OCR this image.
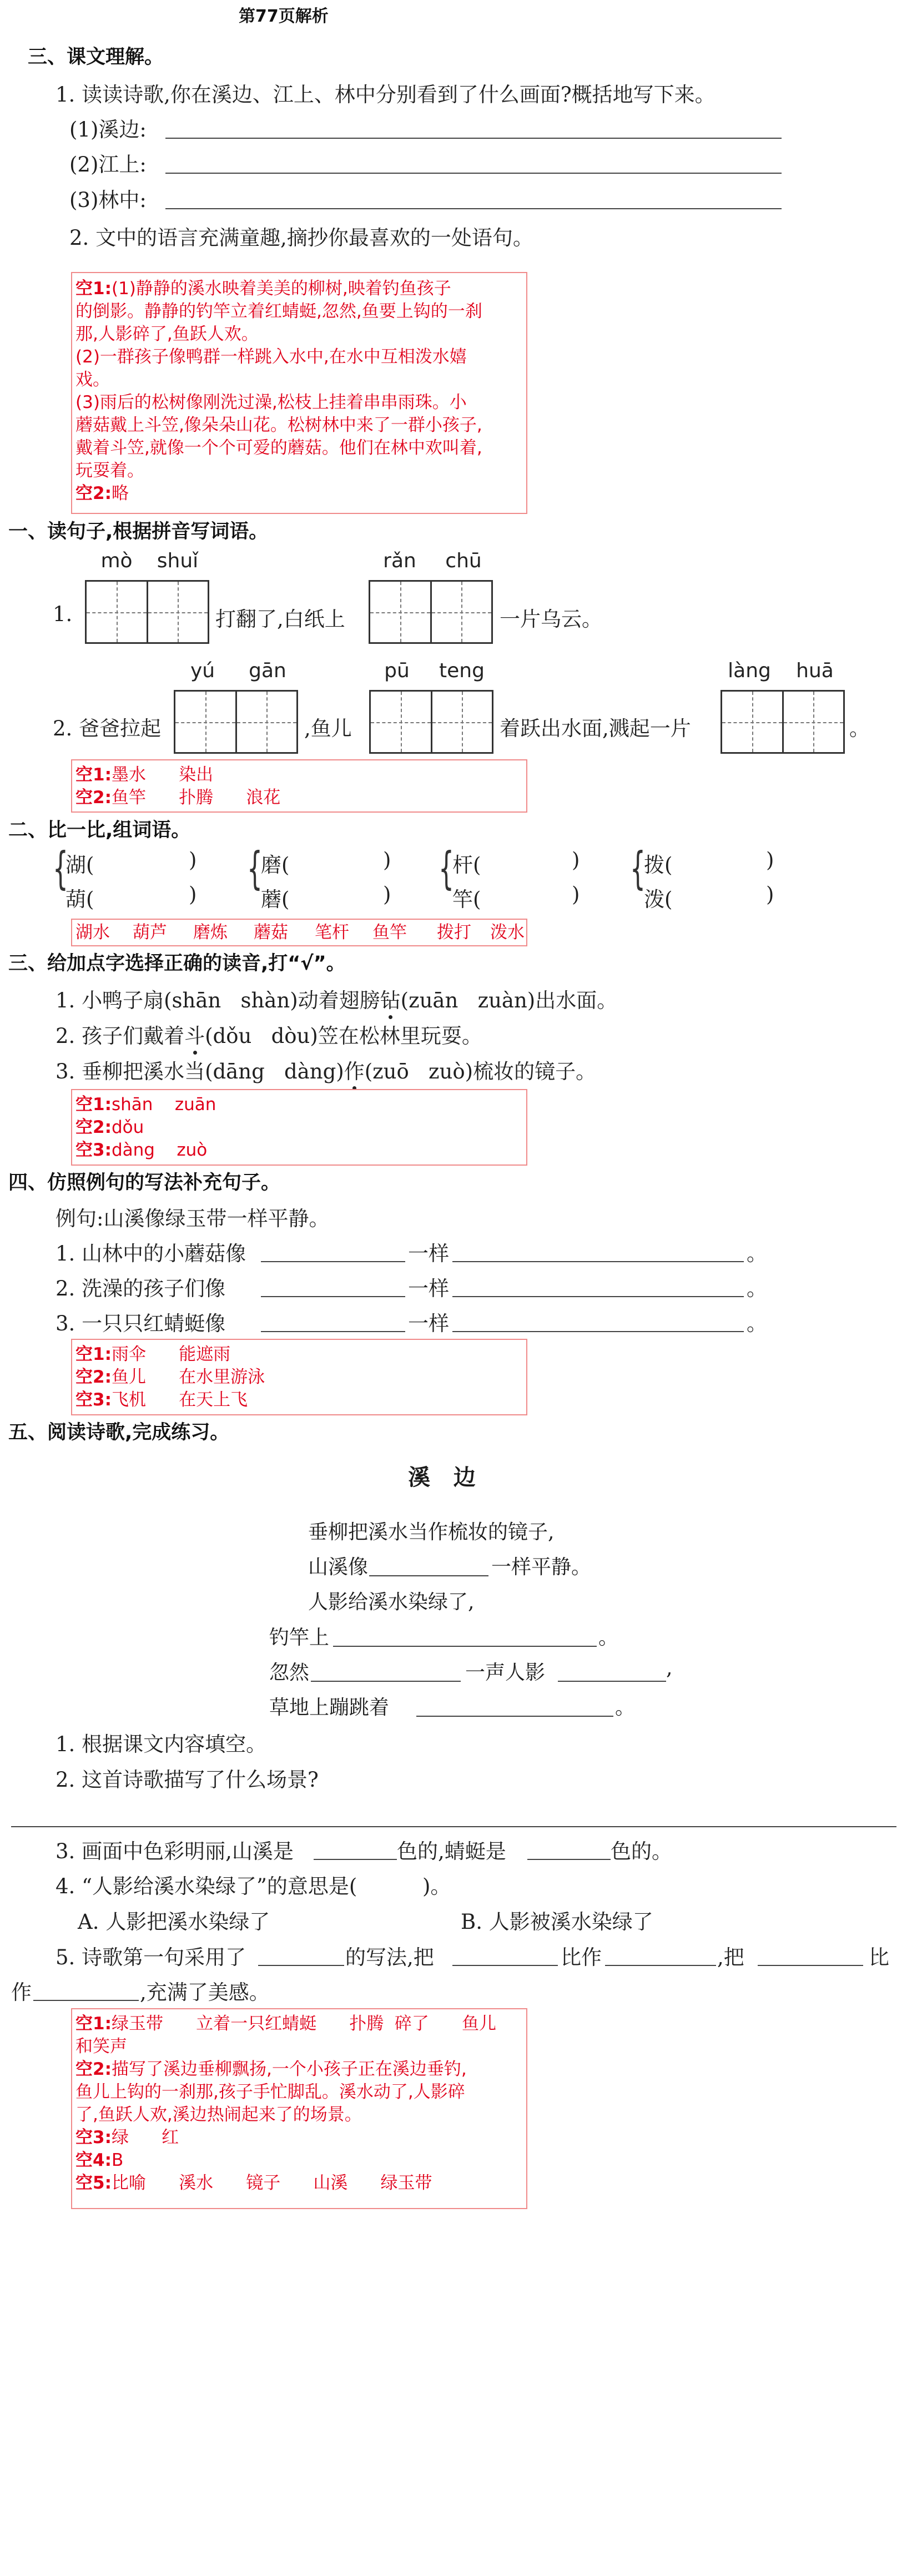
第77页解析
三、课文理解。
1. 读读诗歌,你在溪边、江上、林中分别看到了什么画面?概括地写下来。
(1)溪边:
(2)江上:
(3)林中:
2. 文中的语言充满童趣,摘抄你最喜欢的一处语句。
空1:(1)静静的溪水映着美美的柳树,映着钓鱼孩子
的倒影。静静的钓竿立着红蜻蜓,忽然,鱼要上钩的一刹
那,人影碎了,鱼跃人欢。
(2)一群孩子像鸭群一样跳入水中,在水中互相泼水嬉
戏。
(3)雨后的松树像刚洗过澡,松枝上挂着串串雨珠。小
蘑菇戴上斗笠,像朵朵山花。松树林中来了一群小孩子,
戴着斗笠,就像一个个可爱的蘑菇。他们在林中欢叫着,
玩耍着。
空2:略
一、读句子,根据拼音写词语。
mò	shuǐ	rǎn	chū
1.	打翻了,白纸上	一片乌云。
yú	gān	pū	teng	làng	huā
2. 爸爸拉起	,鱼儿	着跃出水面,溅起一片	。
空1:墨水      染出
空2:鱼竿      扑腾      浪花
二、比一比,组词语。
{
湖(	)
葫(	)
{
磨(	)
蘑(	)
{
杆(	)
竿(	)
{
拨(	)
泼(	)
湖水 葫芦	磨炼	蘑菇	笔杆	鱼竿	拨打	泼水
三、给加点字选择正确的读音,打“√”。
1. 小鸭子扇(shān   shàn)动着翅膀钻(zuān   zuàn)出水面。
2. 孩子们戴着斗(dǒu   dòu)笠在松林里玩耍。
3. 垂柳把溪水当(dāng   dàng)作(zuō   zuò)梳妆的镜子。
空1:shān    zuān
空2:dǒu
空3:dàng    zuò
四、仿照例句的写法补充句子。
例句:山溪像绿玉带一样平静。
1. 山林中的小蘑菇像	一样	。
2. 洗澡的孩子们像	一样	。
3. 一只只红蜻蜓像	一样	。
空1:雨伞      能遮雨
空2:鱼儿      在水里游泳
空3:飞机      在天上飞
五、阅读诗歌,完成练习。
溪   边
垂柳把溪水当作梳妆的镜子,
山溪像	一样平静。
人影给溪水染绿了,
钓竿上	。
忽然	一声人影	,
草地上蹦跳着	。
1. 根据课文内容填空。
2. 这首诗歌描写了什么场景?
3. 画面中色彩明丽,山溪是	色的,蜻蜓是	色的。
4. “人影给溪水染绿了”的意思是(          )。
A. 人影把溪水染绿了	B. 人影被溪水染绿了
5. 诗歌第一句采用了	的写法,把	比作	,把	比
作	,充满了美感。
空1:绿玉带      立着一只红蜻蜓      扑腾  碎了      鱼儿
和笑声
空2:描写了溪边垂柳飘扬,一个小孩子正在溪边垂钓,
鱼儿上钩的一刹那,孩子手忙脚乱。溪水动了,人影碎
了,鱼跃人欢,溪边热闹起来了的场景。
空3:绿      红
空4:B
空5:比喻      溪水      镜子      山溪      绿玉带
